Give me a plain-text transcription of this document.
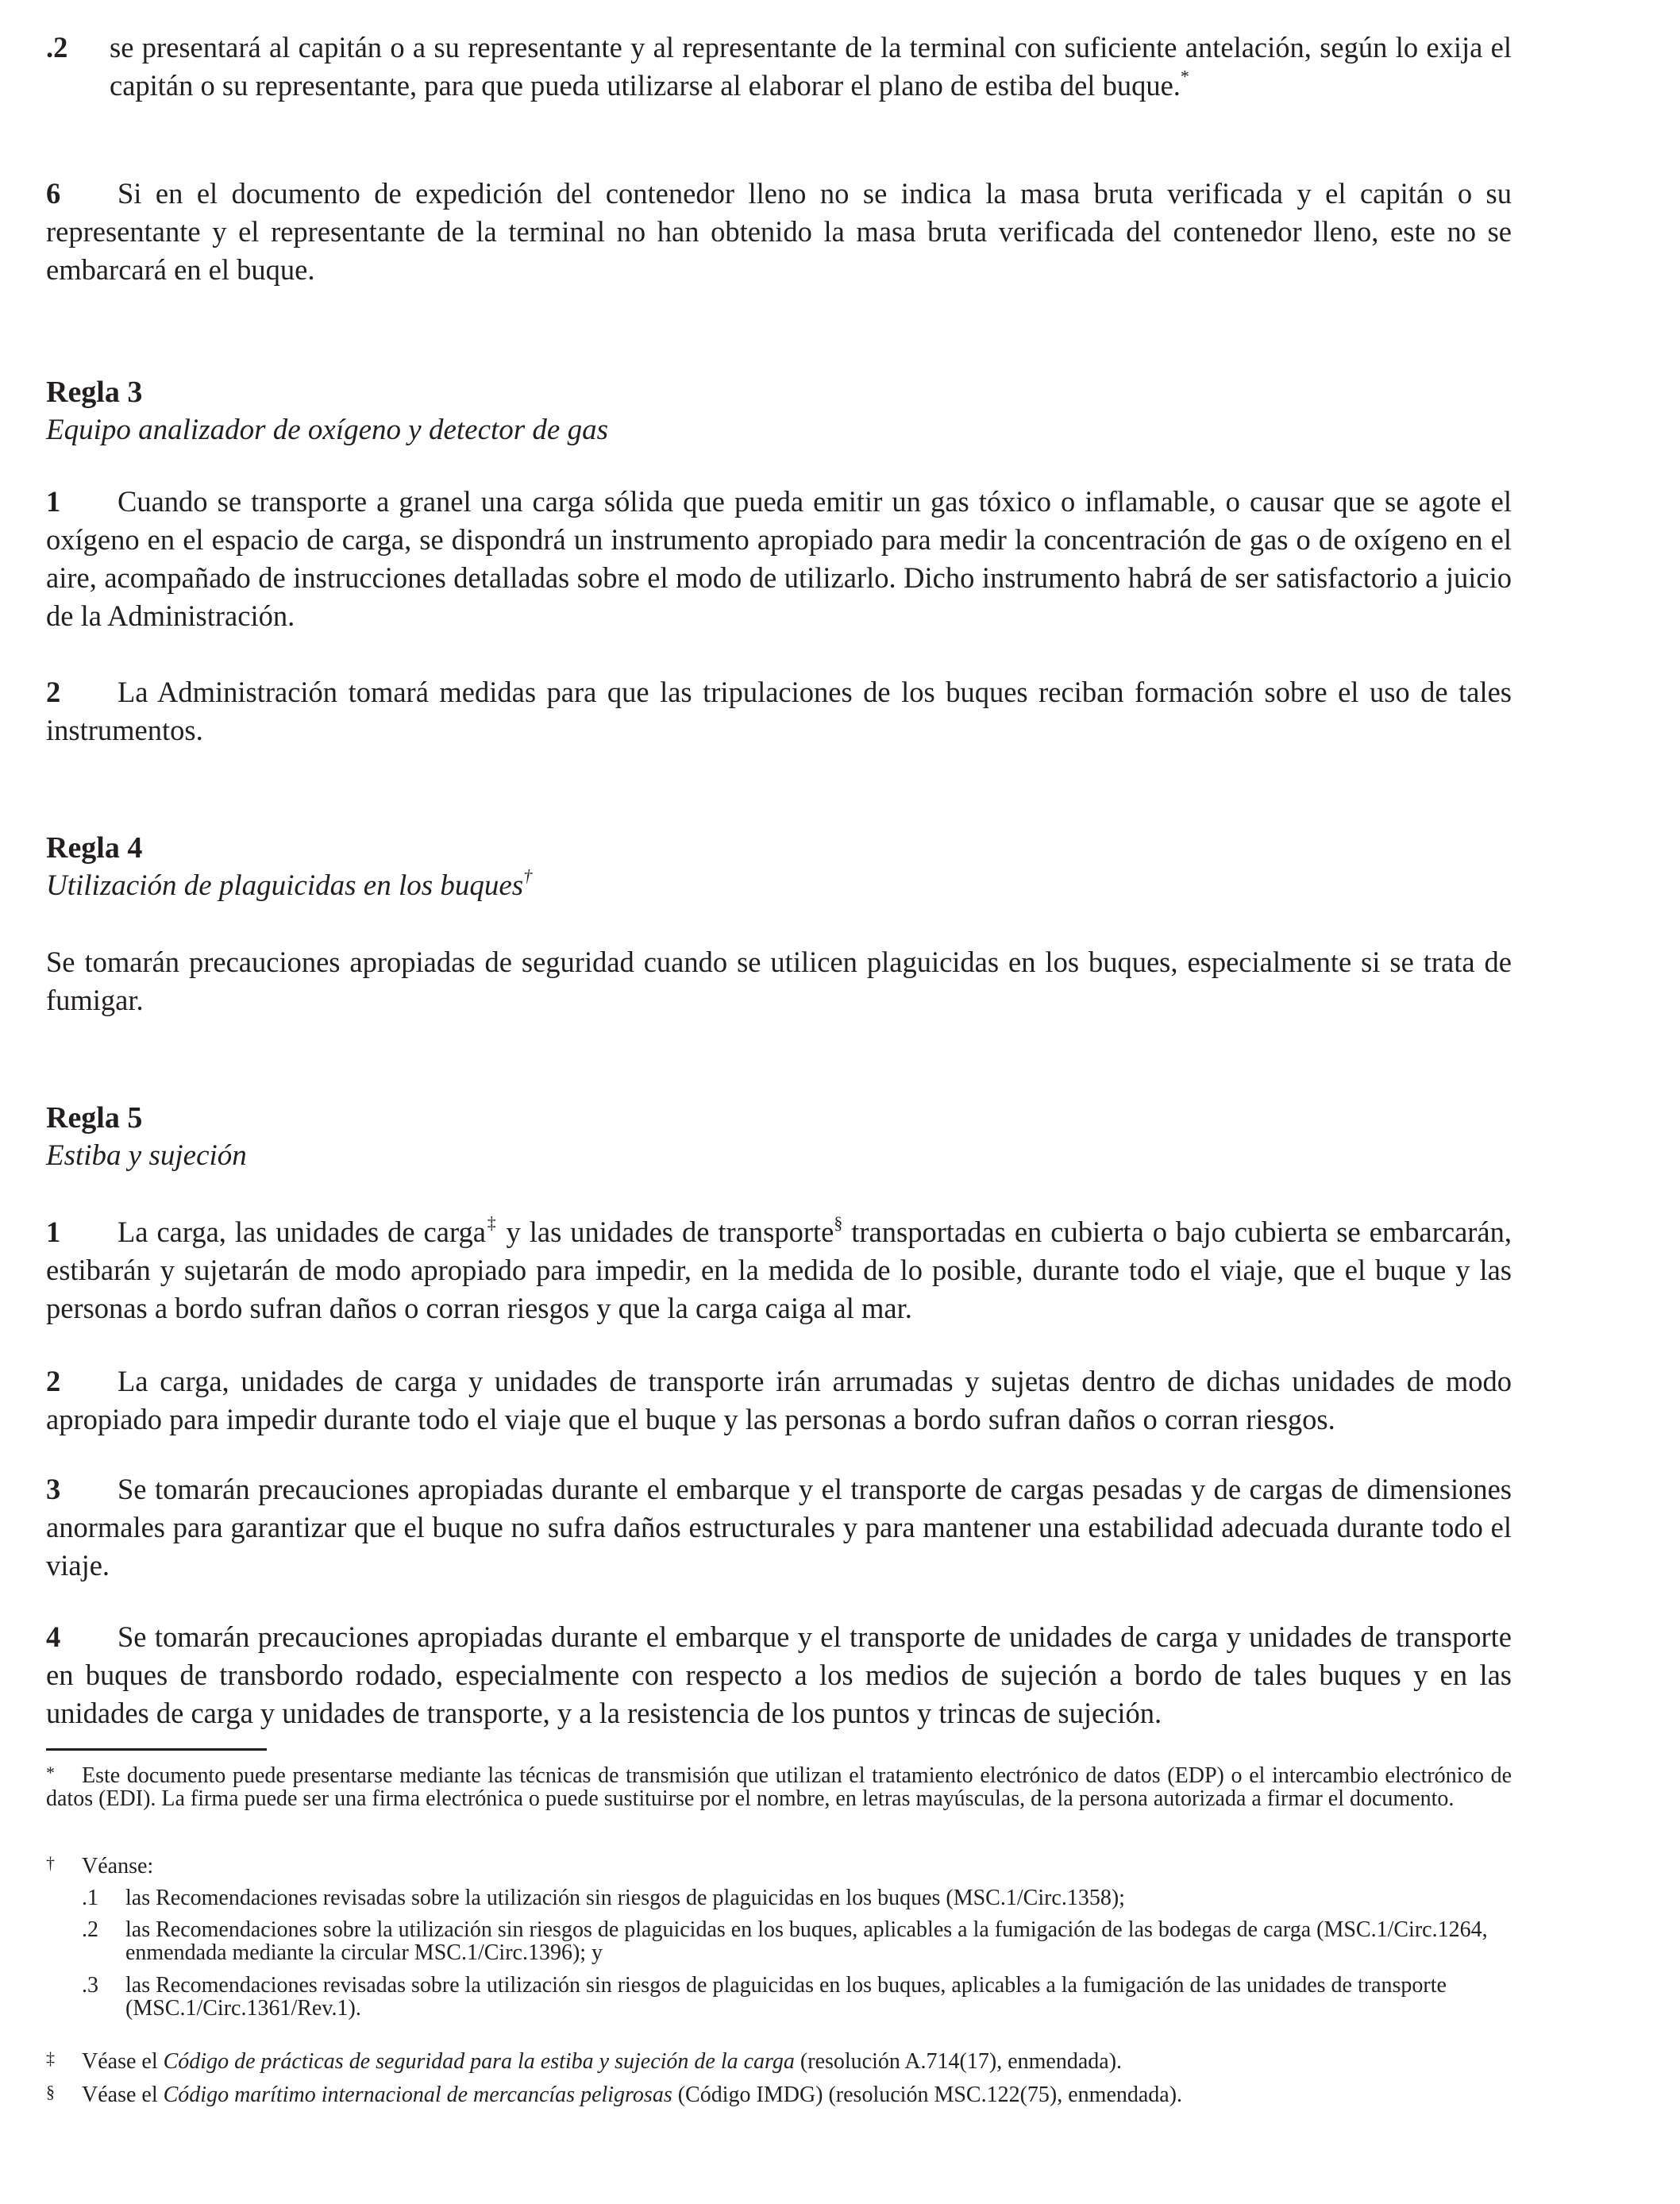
.2 se presentará al capitán o a su representante y al representante de la terminal con suficiente antelación, según lo exija el capitán o su representante, para que pueda utilizarse al elaborar el plano de estiba del buque.*
6 Si en el documento de expedición del contenedor lleno no se indica la masa bruta verificada y el capitán o su representante y el representante de la terminal no han obtenido la masa bruta verificada del contenedor lleno, este no se embarcará en el buque.
Regla 3
Equipo analizador de oxígeno y detector de gas
1 Cuando se transporte a granel una carga sólida que pueda emitir un gas tóxico o inflamable, o causar que se agote el oxígeno en el espacio de carga, se dispondrá un instrumento apropiado para medir la concentración de gas o de oxígeno en el aire, acompañado de instrucciones detalladas sobre el modo de utilizarlo. Dicho instrumento habrá de ser satisfactorio a juicio de la Administración.
2 La Administración tomará medidas para que las tripulaciones de los buques reciban formación sobre el uso de tales instrumentos.
Regla 4
Utilización de plaguicidas en los buques†
Se tomarán precauciones apropiadas de seguridad cuando se utilicen plaguicidas en los buques, especialmente si se trata de fumigar.
Regla 5
Estiba y sujeción
1 La carga, las unidades de carga‡ y las unidades de transporte§ transportadas en cubierta o bajo cubierta se embarcarán, estibarán y sujetarán de modo apropiado para impedir, en la medida de lo posible, durante todo el viaje, que el buque y las personas a bordo sufran daños o corran riesgos y que la carga caiga al mar.
2 La carga, unidades de carga y unidades de transporte irán arrumadas y sujetas dentro de dichas unidades de modo apropiado para impedir durante todo el viaje que el buque y las personas a bordo sufran daños o corran riesgos.
3 Se tomarán precauciones apropiadas durante el embarque y el transporte de cargas pesadas y de cargas de dimensiones anormales para garantizar que el buque no sufra daños estructurales y para mantener una estabilidad adecuada durante todo el viaje.
4 Se tomarán precauciones apropiadas durante el embarque y el transporte de unidades de carga y unidades de transporte en buques de transbordo rodado, especialmente con respecto a los medios de sujeción a bordo de tales buques y en las unidades de carga y unidades de transporte, y a la resistencia de los puntos y trincas de sujeción.
*	Este documento puede presentarse mediante las técnicas de transmisión que utilizan el tratamiento electrónico de datos (EDP) o el intercambio electrónico de datos (EDI). La firma puede ser una firma electrónica o puede sustituirse por el nombre, en letras mayúsculas, de la persona autorizada a firmar el documento.
†	Véanse:
.1 las Recomendaciones revisadas sobre la utilización sin riesgos de plaguicidas en los buques (MSC.1/Circ.1358);
.2 las Recomendaciones sobre la utilización sin riesgos de plaguicidas en los buques, aplicables a la fumigación de las bodegas de carga (MSC.1/Circ.1264, enmendada mediante la circular MSC.1/Circ.1396); y
.3 las Recomendaciones revisadas sobre la utilización sin riesgos de plaguicidas en los buques, aplicables a la fumigación de las unidades de transporte (MSC.1/Circ.1361/Rev.1).
‡	Véase el Código de prácticas de seguridad para la estiba y sujeción de la carga (resolución A.714(17), enmendada).
§	Véase el Código marítimo internacional de mercancías peligrosas (Código IMDG) (resolución MSC.122(75), enmendada).
